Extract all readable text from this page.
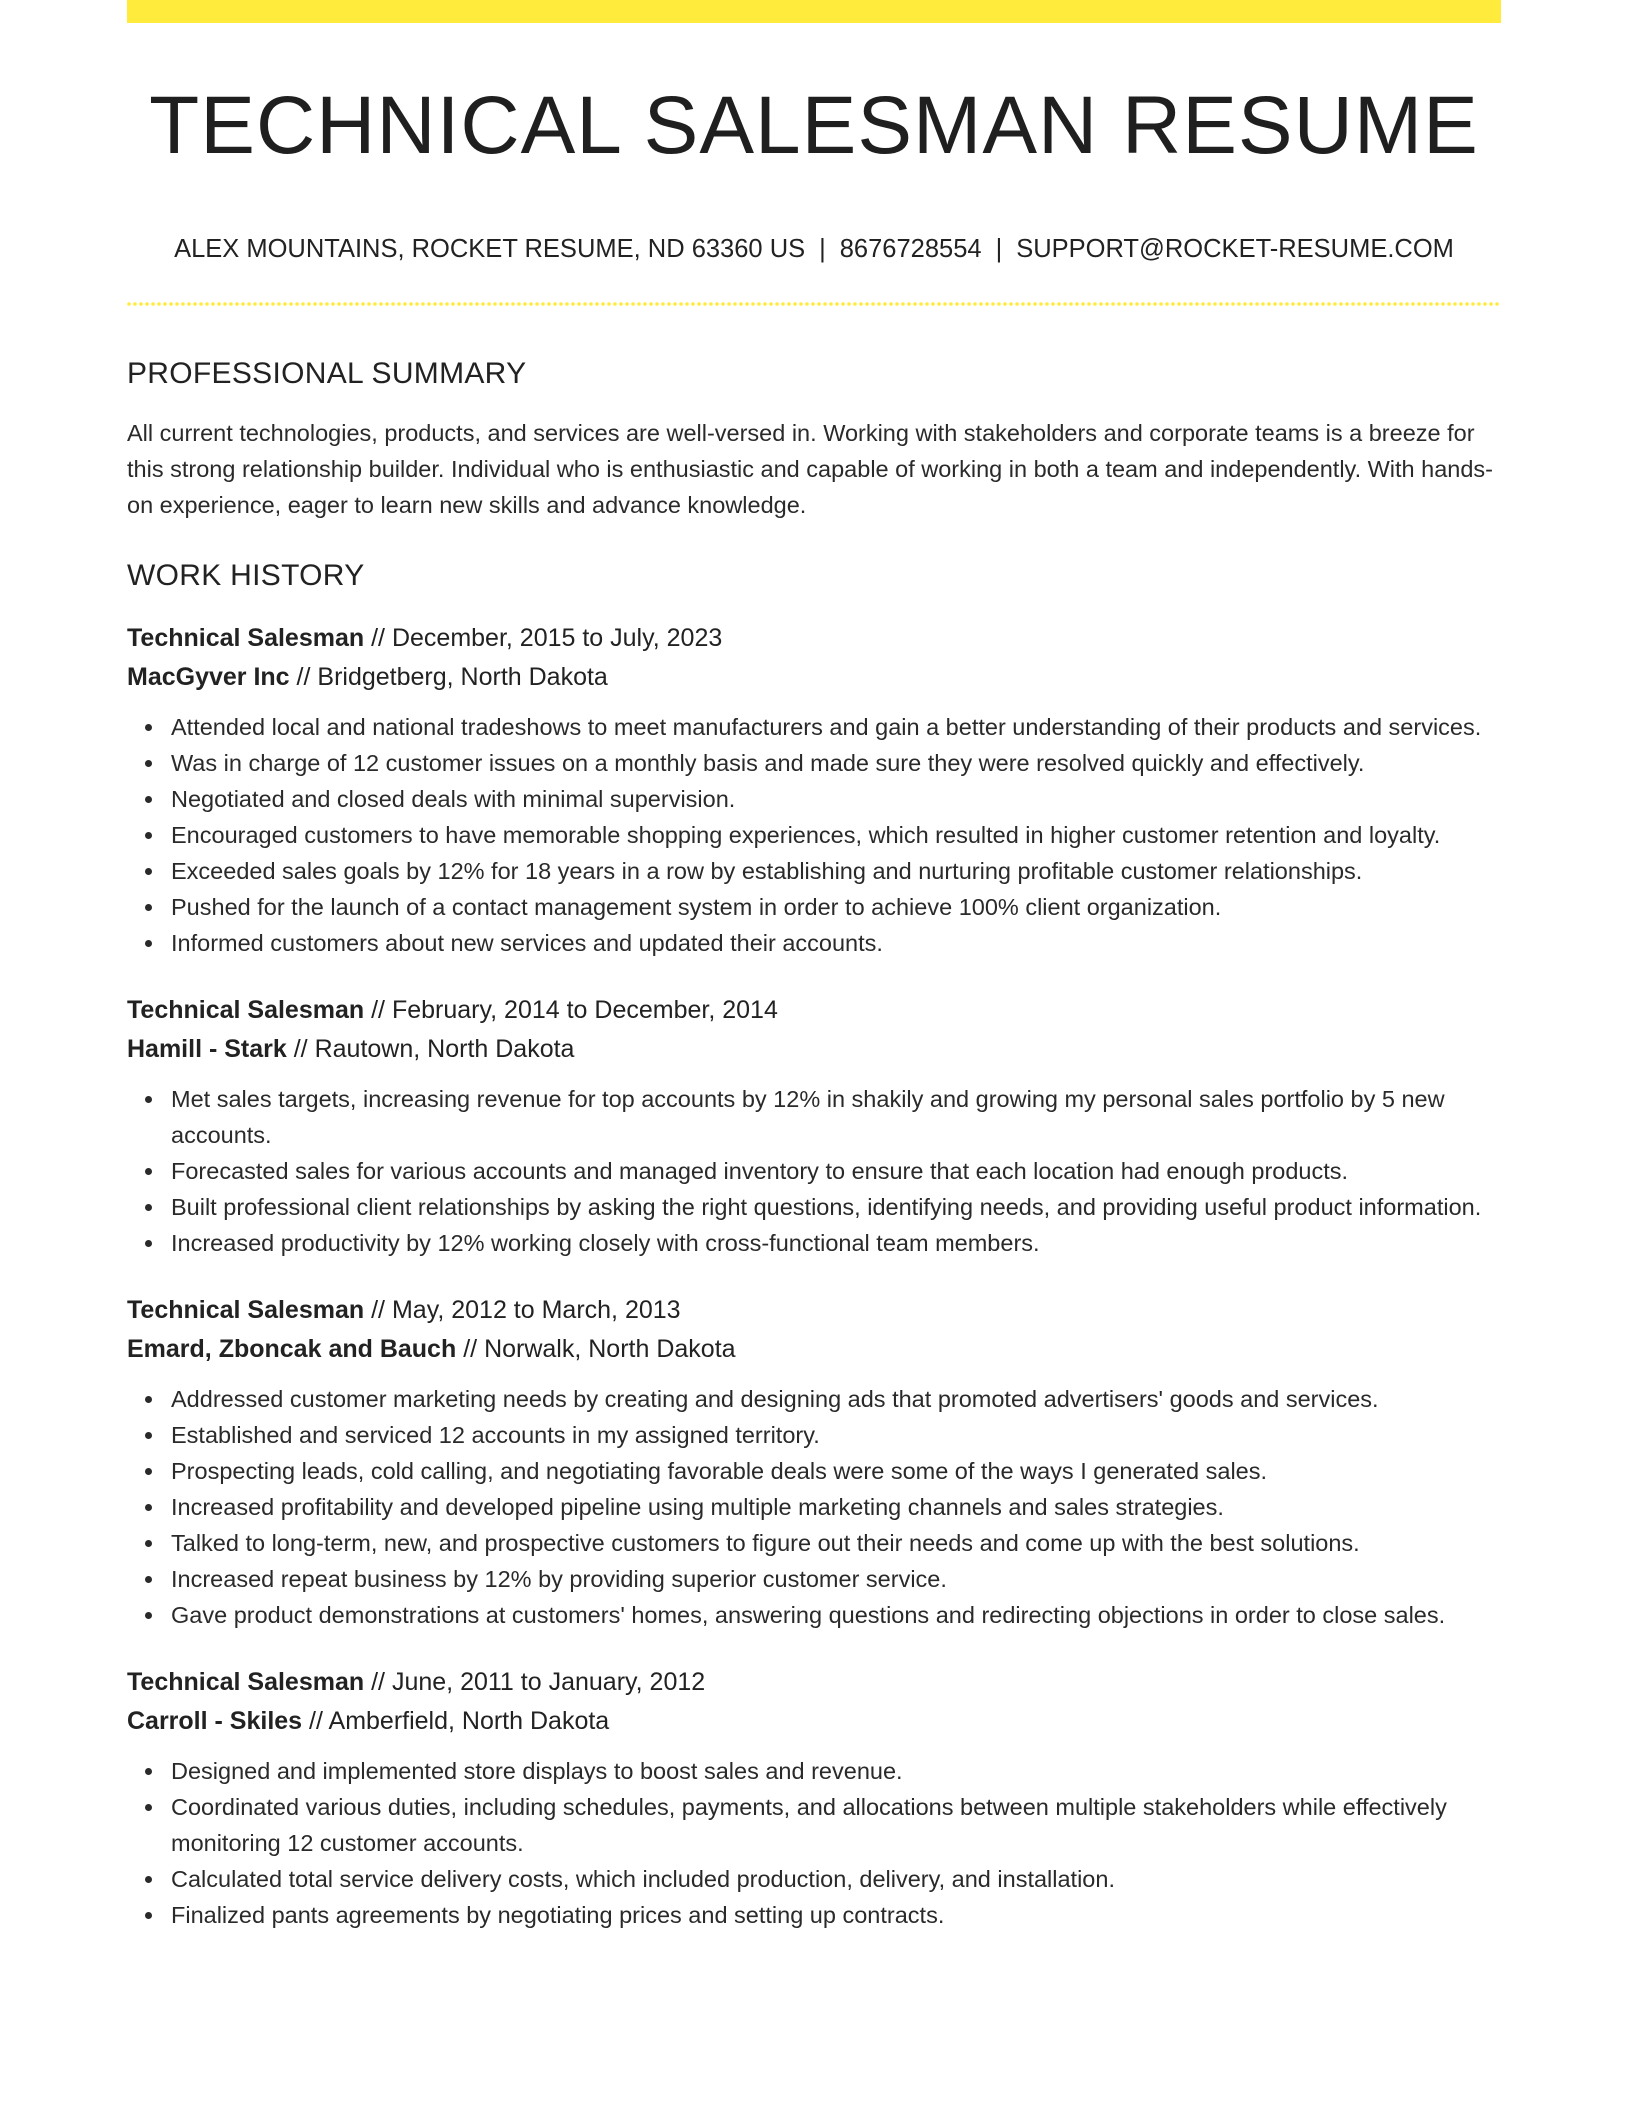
TECHNICAL SALESMAN RESUME
ALEX MOUNTAINS, ROCKET RESUME, ND 63360 US | 8676728554 | SUPPORT@ROCKET-RESUME.COM
PROFESSIONAL SUMMARY

All current technologies, products, and services are well-versed in. Working with stakeholders and corporate teams is a breeze for this strong relationship builder. Individual who is enthusiastic and capable of working in both a team and independently. With hands-on experience, eager to learn new skills and advance knowledge.

WORK HISTORY
Technical Salesman // December, 2015 to July, 2023
MacGyver Inc // Bridgetberg, North Dakota
Attended local and national tradeshows to meet manufacturers and gain a better understanding of their products and services.
Was in charge of 12 customer issues on a monthly basis and made sure they were resolved quickly and effectively.
Negotiated and closed deals with minimal supervision.
Encouraged customers to have memorable shopping experiences, which resulted in higher customer retention and loyalty.
Exceeded sales goals by 12% for 18 years in a row by establishing and nurturing profitable customer relationships.
Pushed for the launch of a contact management system in order to achieve 100% client organization.
Informed customers about new services and updated their accounts.
Technical Salesman // February, 2014 to December, 2014
Hamill - Stark // Rautown, North Dakota
Met sales targets, increasing revenue for top accounts by 12% in shakily and growing my personal sales portfolio by 5 new accounts.
Forecasted sales for various accounts and managed inventory to ensure that each location had enough products.
Built professional client relationships by asking the right questions, identifying needs, and providing useful product information.
Increased productivity by 12% working closely with cross-functional team members.
Technical Salesman // May, 2012 to March, 2013
Emard, Zboncak and Bauch // Norwalk, North Dakota
Addressed customer marketing needs by creating and designing ads that promoted advertisers' goods and services.
Established and serviced 12 accounts in my assigned territory.
Prospecting leads, cold calling, and negotiating favorable deals were some of the ways I generated sales.
Increased profitability and developed pipeline using multiple marketing channels and sales strategies.
Talked to long-term, new, and prospective customers to figure out their needs and come up with the best solutions.
Increased repeat business by 12% by providing superior customer service.
Gave product demonstrations at customers' homes, answering questions and redirecting objections in order to close sales.
Technical Salesman // June, 2011 to January, 2012
Carroll - Skiles // Amberfield, North Dakota
Designed and implemented store displays to boost sales and revenue.
Coordinated various duties, including schedules, payments, and allocations between multiple stakeholders while effectively monitoring 12 customer accounts.
Calculated total service delivery costs, which included production, delivery, and installation.
Finalized pants agreements by negotiating prices and setting up contracts.
